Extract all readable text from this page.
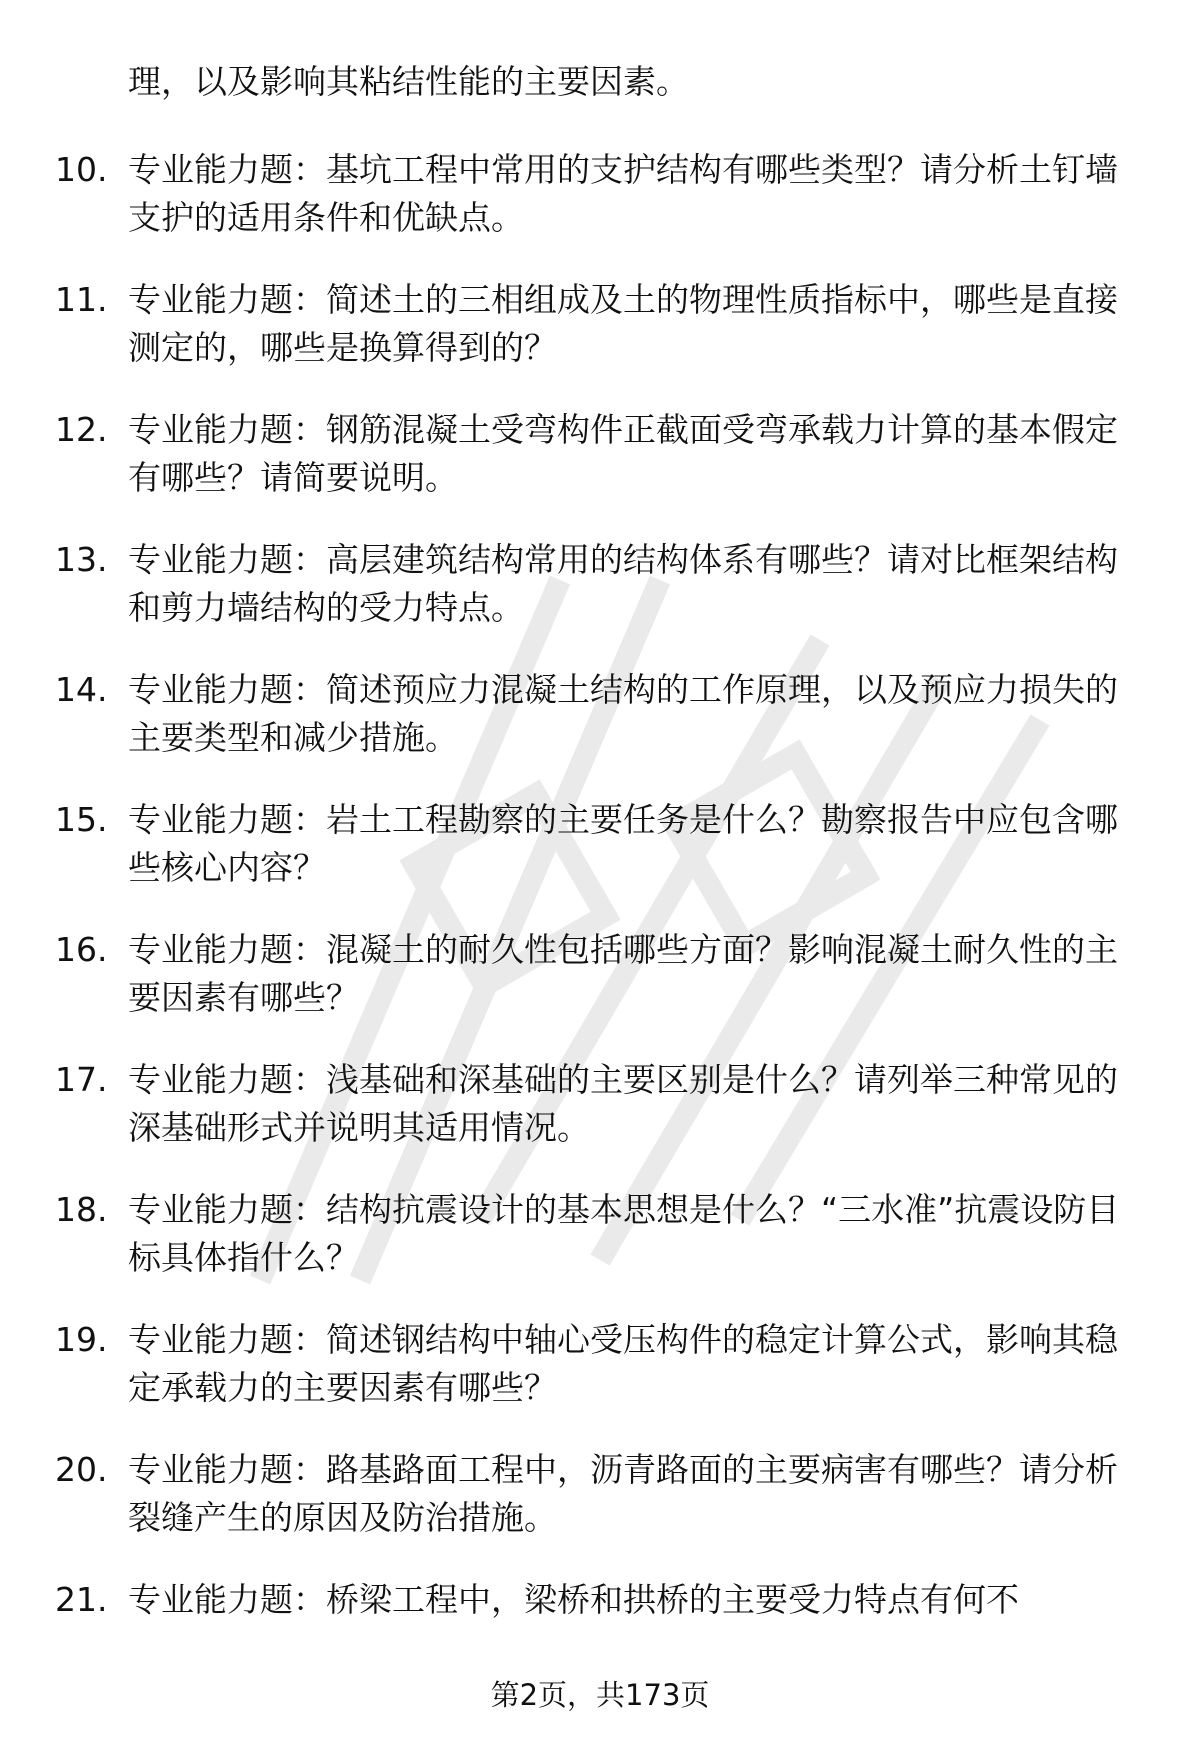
理，以及影响其粘结性能的主要因素。
10. 专业能力题：基坑工程中常用的支护结构有哪些类型？请分析土钉墙支护的适用条件和优缺点。
11. 专业能力题：简述土的三相组成及土的物理性质指标中，哪些是直接测定的，哪些是换算得到的？
12. 专业能力题：钢筋混凝土受弯构件正截面受弯承载力计算的基本假定有哪些？请简要说明。
13. 专业能力题：高层建筑结构常用的结构体系有哪些？请对比框架结构和剪力墙结构的受力特点。
14. 专业能力题：简述预应力混凝土结构的工作原理，以及预应力损失的主要类型和减少措施。
15. 专业能力题：岩土工程勘察的主要任务是什么？勘察报告中应包含哪些核心内容？
16. 专业能力题：混凝土的耐久性包括哪些方面？影响混凝土耐久性的主要因素有哪些？
17. 专业能力题：浅基础和深基础的主要区别是什么？请列举三种常见的深基础形式并说明其适用情况。
18. 专业能力题：结构抗震设计的基本思想是什么？“三水准”抗震设防目标具体指什么？
19. 专业能力题：简述钢结构中轴心受压构件的稳定计算公式，影响其稳定承载力的主要因素有哪些？
20. 专业能力题：路基路面工程中，沥青路面的主要病害有哪些？请分析裂缝产生的原因及防治措施。
21. 专业能力题：桥梁工程中，梁桥和拱桥的主要受力特点有何不
第2页，共173页
